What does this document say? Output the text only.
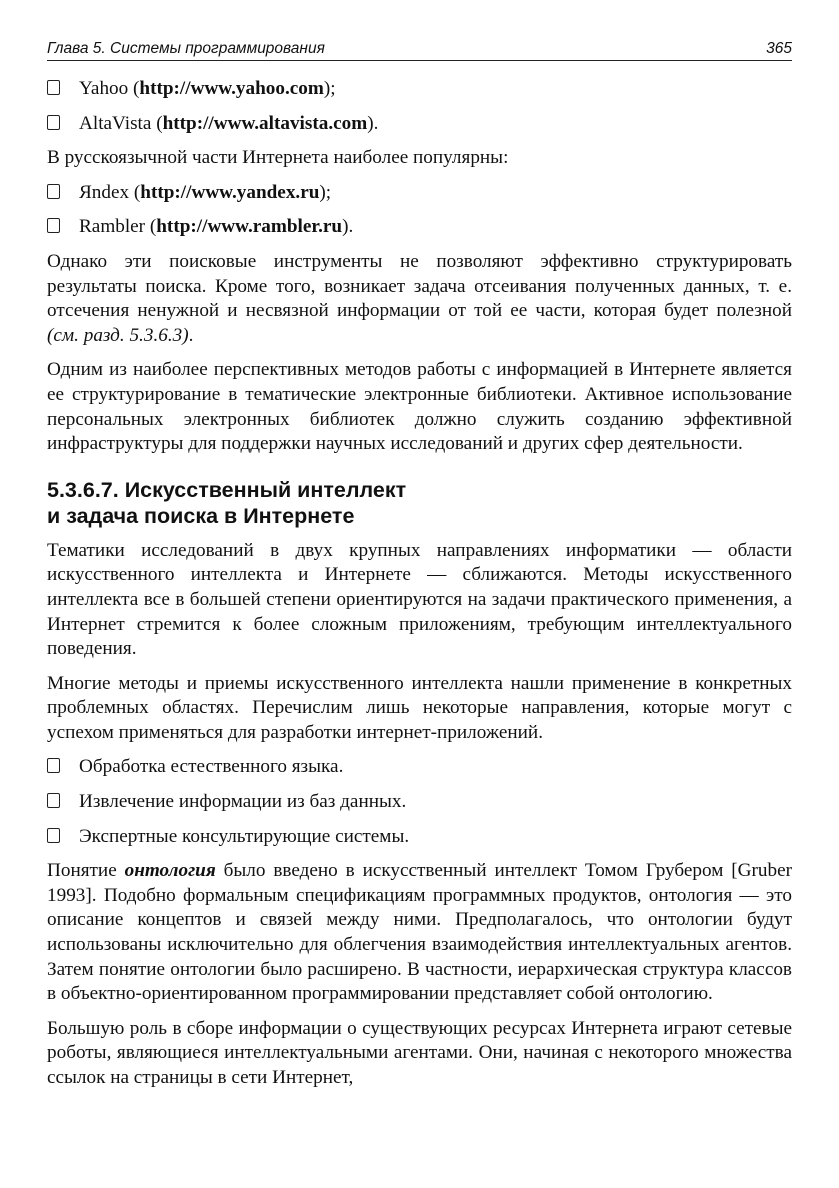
Глава 5. Системы программирования	365
Yahoo (http://www.yahoo.com);
AltaVista (http://www.altavista.com).

В русскоязычной части Интернета наиболее популярны:

Яndex (http://www.yandex.ru);
Rambler (http://www.rambler.ru).

Однако эти поисковые инструменты не позволяют эффективно структурировать результаты поиска. Кроме того, возникает задача отсеивания полученных данных, т. е. отсечения ненужной и несвязной информации от той ее части, которая будет полезной (см. разд. 5.3.6.3).

Одним из наиболее перспективных методов работы с информацией в Интернете является ее структурирование в тематические электронные библиотеки. Активное использование персональных электронных библиотек должно служить созданию эффективной инфраструктуры для поддержки научных исследований и других сфер деятельности.

5.3.6.7. Искусственный интеллект
и задача поиска в Интернете

Тематики исследований в двух крупных направлениях информатики — области искусственного интеллекта и Интернете — сближаются. Методы искусственного интеллекта все в большей степени ориентируются на задачи практического применения, а Интернет стремится к более сложным приложениям, требующим интеллектуального поведения.

Многие методы и приемы искусственного интеллекта нашли применение в конкретных проблемных областях. Перечислим лишь некоторые направления, которые могут с успехом применяться для разработки интернет-приложений.

Обработка естественного языка.
Извлечение информации из баз данных.
Экспертные консультирующие системы.

Понятие онтология было введено в искусственный интеллект Томом Грубером [Gruber 1993]. Подобно формальным спецификациям программных продуктов, онтология — это описание концептов и связей между ними. Предполагалось, что онтологии будут использованы исключительно для облегчения взаимодействия интеллектуальных агентов. Затем понятие онтологии было расширено. В частности, иерархическая структура классов в объектно-ориентированном программировании представляет собой онтологию.

Большую роль в сборе информации о существующих ресурсах Интернета играют сетевые роботы, являющиеся интеллектуальными агентами. Они, начиная с некоторого множества ссылок на страницы в сети Интернет,
